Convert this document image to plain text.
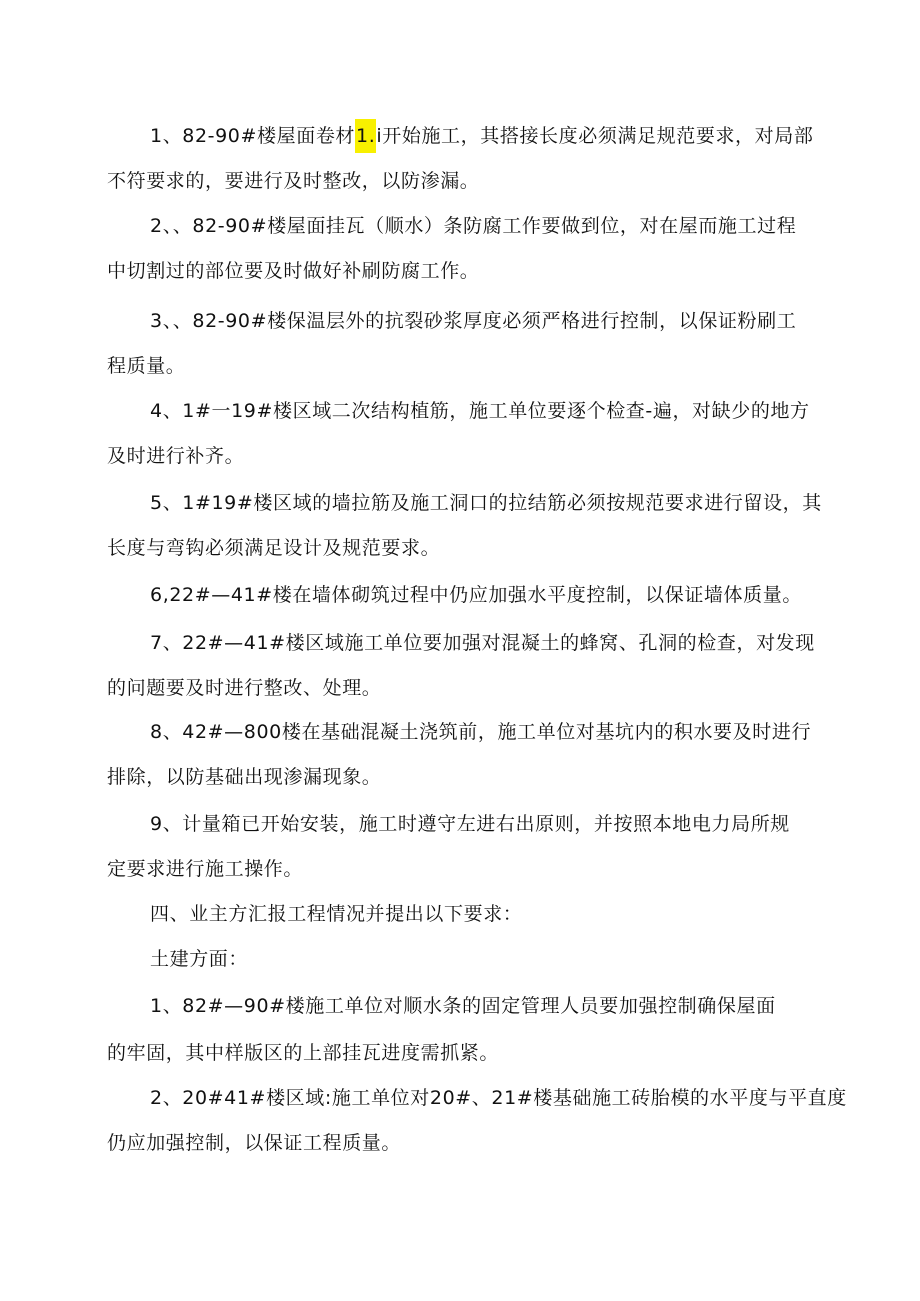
1、82-90#楼屋面卷材1.i开始施工，其搭接长度必须满足规范要求，对局部
不符要求的，要进行及时整改，以防渗漏。
2、、82-90#楼屋面挂瓦（顺水）条防腐工作要做到位，对在屋而施工过程
中切割过的部位要及时做好补刷防腐工作。
3、、82-90#楼保温层外的抗裂砂浆厚度必须严格进行控制，以保证粉刷工
程质量。
4、1#一19#楼区域二次结构植筋，施工单位要逐个检查-遍，对缺少的地方
及时进行补齐。
5、1#19#楼区域的墙拉筋及施工洞口的拉结筋必须按规范要求进行留设，其
长度与弯钩必须满足设计及规范要求。
6,22#—41#楼在墙体砌筑过程中仍应加强水平度控制，以保证墙体质量。
7、22#—41#楼区域施工单位要加强对混凝土的蜂窝、孔洞的检查，对发现
的问题要及时进行整改、处理。
8、42#—800楼在基础混凝土浇筑前，施工单位对基坑内的积水要及时进行
排除，以防基础出现渗漏现象。
9、计量箱已开始安装，施工时遵守左进右出原则，并按照本地电力局所规
定要求进行施工操作。
四、业主方汇报工程情况并提出以下要求：
土建方面：
1、82#—90#楼施工单位对顺水条的固定管理人员要加强控制确保屋面
的牢固，其中样版区的上部挂瓦进度需抓紧。
2、20#41#楼区域:施工单位对20#、21#楼基础施工砖胎模的水平度与平直度
仍应加强控制，以保证工程质量。
